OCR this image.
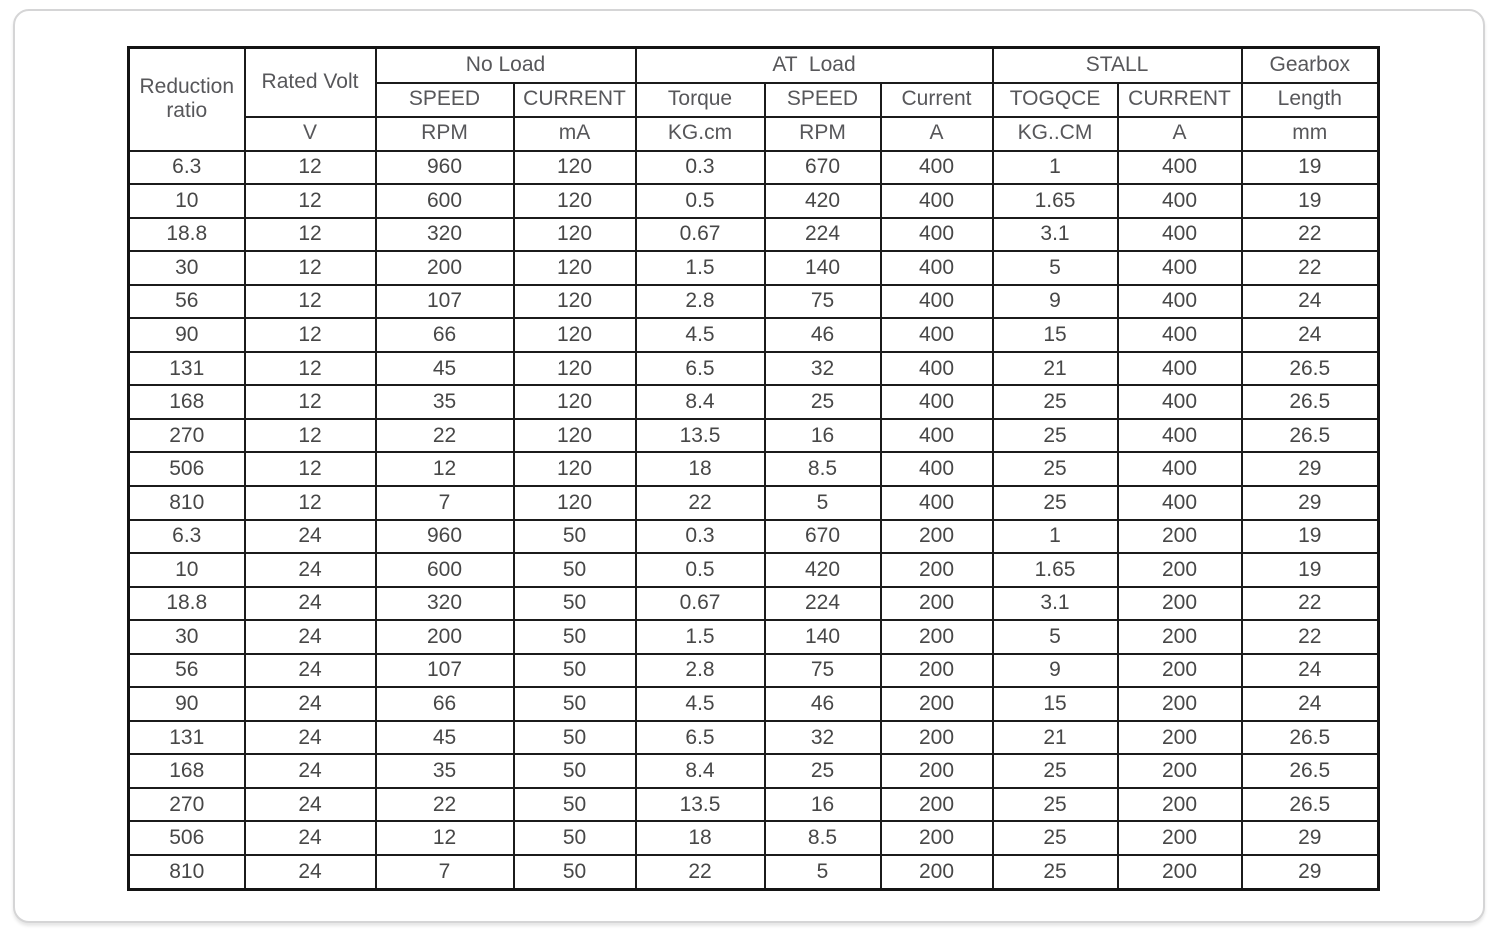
Reduction ratio	Rated Volt	No Load		AT  Load			STALL		Gearbox
		SPEED	CURRENT	Torque	SPEED	Current	TOGQCE	CURRENT	Length
	V	RPM	mA	KG.cm	RPM	A	KG..CM	A	mm
6.3	12	960	120	0.3	670	400	1	400	19
10	12	600	120	0.5	420	400	1.65	400	19
18.8	12	320	120	0.67	224	400	3.1	400	22
30	12	200	120	1.5	140	400	5	400	22
56	12	107	120	2.8	75	400	9	400	24
90	12	66	120	4.5	46	400	15	400	24
131	12	45	120	6.5	32	400	21	400	26.5
168	12	35	120	8.4	25	400	25	400	26.5
270	12	22	120	13.5	16	400	25	400	26.5
506	12	12	120	18	8.5	400	25	400	29
810	12	7	120	22	5	400	25	400	29
6.3	24	960	50	0.3	670	200	1	200	19
10	24	600	50	0.5	420	200	1.65	200	19
18.8	24	320	50	0.67	224	200	3.1	200	22
30	24	200	50	1.5	140	200	5	200	22
56	24	107	50	2.8	75	200	9	200	24
90	24	66	50	4.5	46	200	15	200	24
131	24	45	50	6.5	32	200	21	200	26.5
168	24	35	50	8.4	25	200	25	200	26.5
270	24	22	50	13.5	16	200	25	200	26.5
506	24	12	50	18	8.5	200	25	200	29
810	24	7	50	22	5	200	25	200	29
